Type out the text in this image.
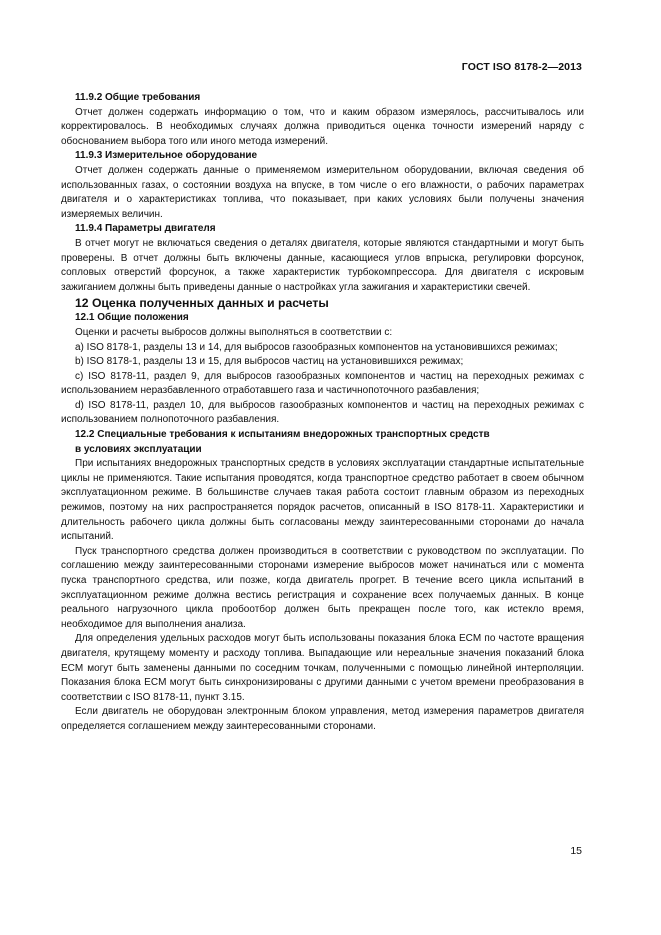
ГОСТ ISO 8178-2—2013

11.9.2 Общие требования

Отчет должен содержать информацию о том, что и каким образом измерялось, рассчитывалось или корректировалось. В необходимых случаях должна приводиться оценка точности измерений наряду с обоснованием выбора того или иного метода измерений.

11.9.3 Измерительное оборудование

Отчет должен содержать данные о применяемом измерительном оборудовании, включая сведения об использованных газах, о состоянии воздуха на впуске, в том числе о его влажности, о рабочих параметрах двигателя и о характеристиках топлива, что показывает, при каких условиях были получены значения измеряемых величин.

11.9.4 Параметры двигателя

В отчет могут не включаться сведения о деталях двигателя, которые являются стандартными и могут быть проверены. В отчет должны быть включены данные, касающиеся углов впрыска, регулировки форсунок, сопловых отверстий форсунок, а также характеристик турбокомпрессора. Для двигателя с искровым зажиганием должны быть приведены данные о настройках угла зажигания и характеристики свечей.

12 Оценка полученных данных и расчеты

12.1 Общие положения

Оценки и расчеты выбросов должны выполняться в соответствии с:

a) ISO 8178-1, разделы 13 и 14, для выбросов газообразных компонентов на установившихся режимах;

b) ISO 8178-1, разделы 13 и 15, для выбросов частиц на установившихся режимах;

c) ISO 8178-11, раздел 9, для выбросов газообразных компонентов и частиц на переходных режимах с использованием неразбавленного отработавшего газа и частичнопоточного разбавления;

d) ISO 8178-11, раздел 10, для выбросов газообразных компонентов и частиц на переходных режимах с использованием полнопоточного разбавления.

12.2 Специальные требования к испытаниям внедорожных транспортных средств
в условиях эксплуатации

При испытаниях внедорожных транспортных средств в условиях эксплуатации стандартные испытательные циклы не применяются. Такие испытания проводятся, когда транспортное средство работает в своем обычном эксплуатационном режиме. В большинстве случаев такая работа состоит главным образом из переходных режимов, поэтому на них распространяется порядок расчетов, описанный в ISO 8178-11. Характеристики и длительность рабочего цикла должны быть согласованы между заинтересованными сторонами до начала испытаний.

Пуск транспортного средства должен производиться в соответствии с руководством по эксплуатации. По соглашению между заинтересованными сторонами измерение выбросов может начинаться или с момента пуска транспортного средства, или позже, когда двигатель прогрет. В течение всего цикла испытаний в эксплуатационном режиме должна вестись регистрация и сохранение всех получаемых данных. В конце реального нагрузочного цикла пробоотбор должен быть прекращен после того, как истекло время, необходимое для выполнения анализа.

Для определения удельных расходов могут быть использованы показания блока ECM по частоте вращения двигателя, крутящему моменту и расходу топлива. Выпадающие или нереальные значения показаний блока ECM могут быть заменены данными по соседним точкам, полученными с помощью линейной интерполяции. Показания блока ECM могут быть синхронизированы с другими данными с учетом времени преобразования в соответствии с ISO 8178-11, пункт 3.15.

Если двигатель не оборудован электронным блоком управления, метод измерения параметров двигателя определяется соглашением между заинтересованными сторонами.

15
